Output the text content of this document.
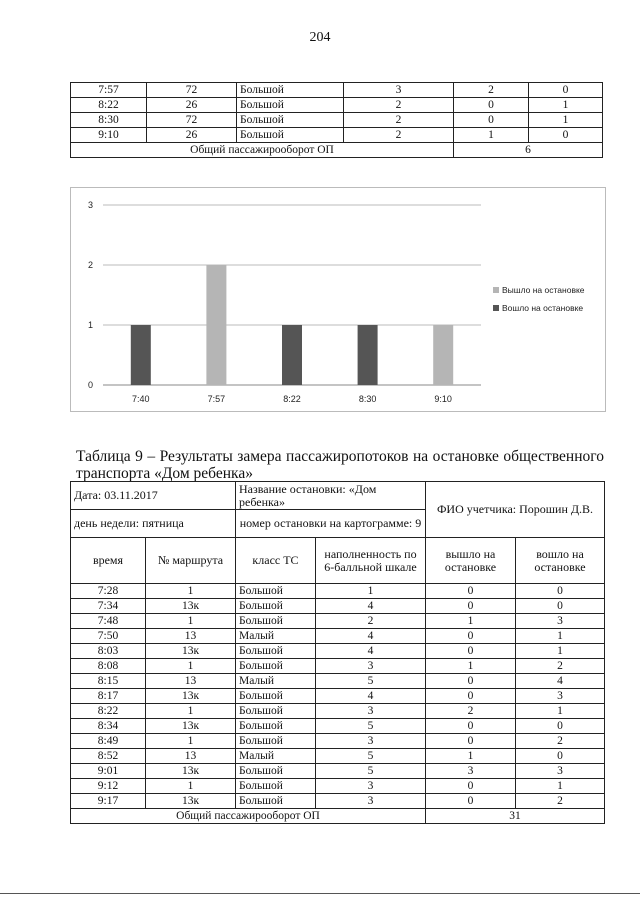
204
7:57	72	Большой	3	2	0
8:22	26	Большой	2	0	1
8:30	72	Большой	2	0	1
9:10	26	Большой	2	1	0
Общий пассажирооборот ОП				6	
0
1
2
3
7:40	7:57	8:22	8:30	9:10
Вышло на остановке
Вошло на остановке
Таблица 9 – Результаты замера пассажиропотоков на остановке общественного транспорта «Дом ребенка»
Дата: 03.11.2017		Название остановки: «Дом ребенка»		ФИО учетчика: Порошин Д.В.	
день недели: пятница		номер остановки на картограмме: 9			
время	№ маршрута	класс ТС	наполненность по 6-балльной шкале	вышло на остановке	вошло на остановке
7:28	1	Большой	1	0	0
7:34	13к	Большой	4	0	0
7:48	1	Большой	2	1	3
7:50	13	Малый	4	0	1
8:03	13к	Большой	4	0	1
8:08	1	Большой	3	1	2
8:15	13	Малый	5	0	4
8:17	13к	Большой	4	0	3
8:22	1	Большой	3	2	1
8:34	13к	Большой	5	0	0
8:49	1	Большой	3	0	2
8:52	13	Малый	5	1	0
9:01	13к	Большой	5	3	3
9:12	1	Большой	3	0	1
9:17	13к	Большой	3	0	2
Общий пассажирооборот ОП				31	
